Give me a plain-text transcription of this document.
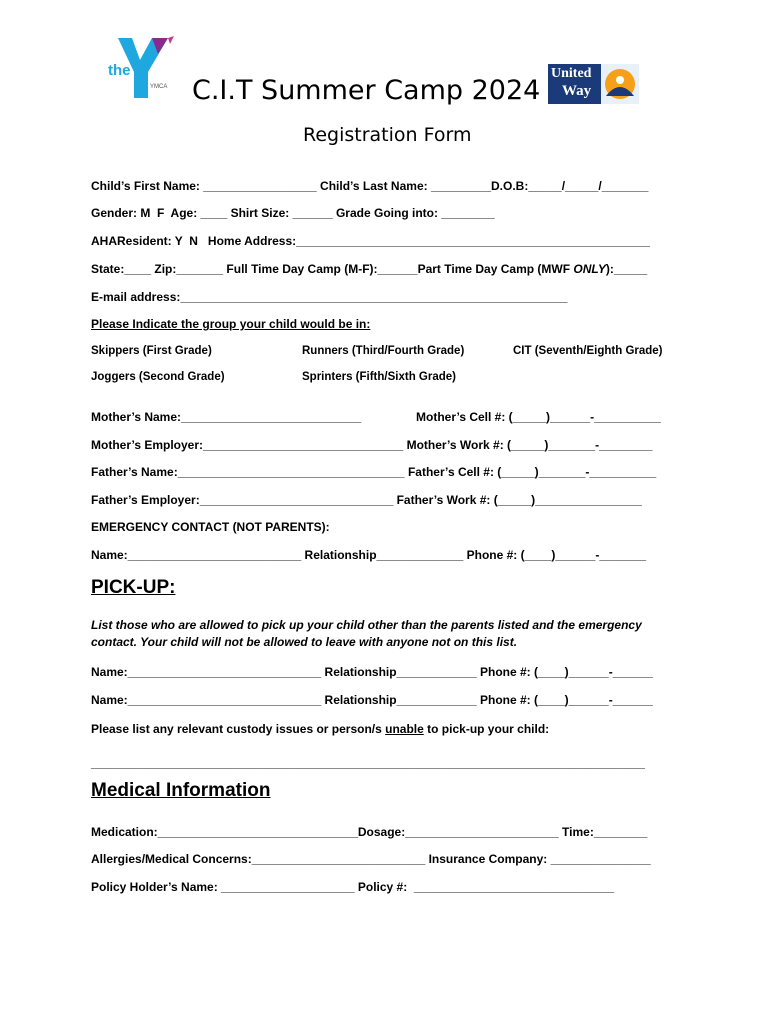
the
YMCA
United
Way
C.I.T Summer Camp 2024
Registration Form
Child’s First Name: _________________ Child’s Last Name: _________D.O.B:_____/_____/_______
Gender: M  F  Age: ____ Shirt Size: ______ Grade Going into: ________
AHAResident: Y  N   Home Address:_____________________________________________________
State:____ Zip:_______ Full Time Day Camp (M-F):______Part Time Day Camp (MWF ONLY):_____
E-mail address:__________________________________________________________
Please Indicate the group your child would be in:
Skippers (First Grade)	Runners (Third/Fourth Grade)	CIT (Seventh/Eighth Grade)
Joggers (Second Grade)	Sprinters (Fifth/Sixth Grade)
Mother’s Name:___________________________	Mother’s Cell #: (_____)______-__________
Mother’s Employer:______________________________ Mother’s Work #: (_____)_______-________
Father’s Name:__________________________________ Father’s Cell #: (_____)_______-__________
Father’s Employer:_____________________________ Father’s Work #: (_____)________________
EMERGENCY CONTACT (NOT PARENTS):
Name:__________________________ Relationship_____________ Phone #: (____)______-_______
PICK-UP:
List those who are allowed to pick up your child other than the parents listed and the emergency
contact. Your child will not be allowed to leave with anyone not on this list.
Name:_____________________________ Relationship____________ Phone #: (____)______-______
Name:_____________________________ Relationship____________ Phone #: (____)______-______
Please list any relevant custody issues or person/s unable to pick-up your child:
___________________________________________________________________________________
Medical Information
Medication:______________________________Dosage:_______________________ Time:________
Allergies/Medical Concerns:__________________________ Insurance Company: _______________
Policy Holder’s Name: ____________________ Policy #:  ______________________________
